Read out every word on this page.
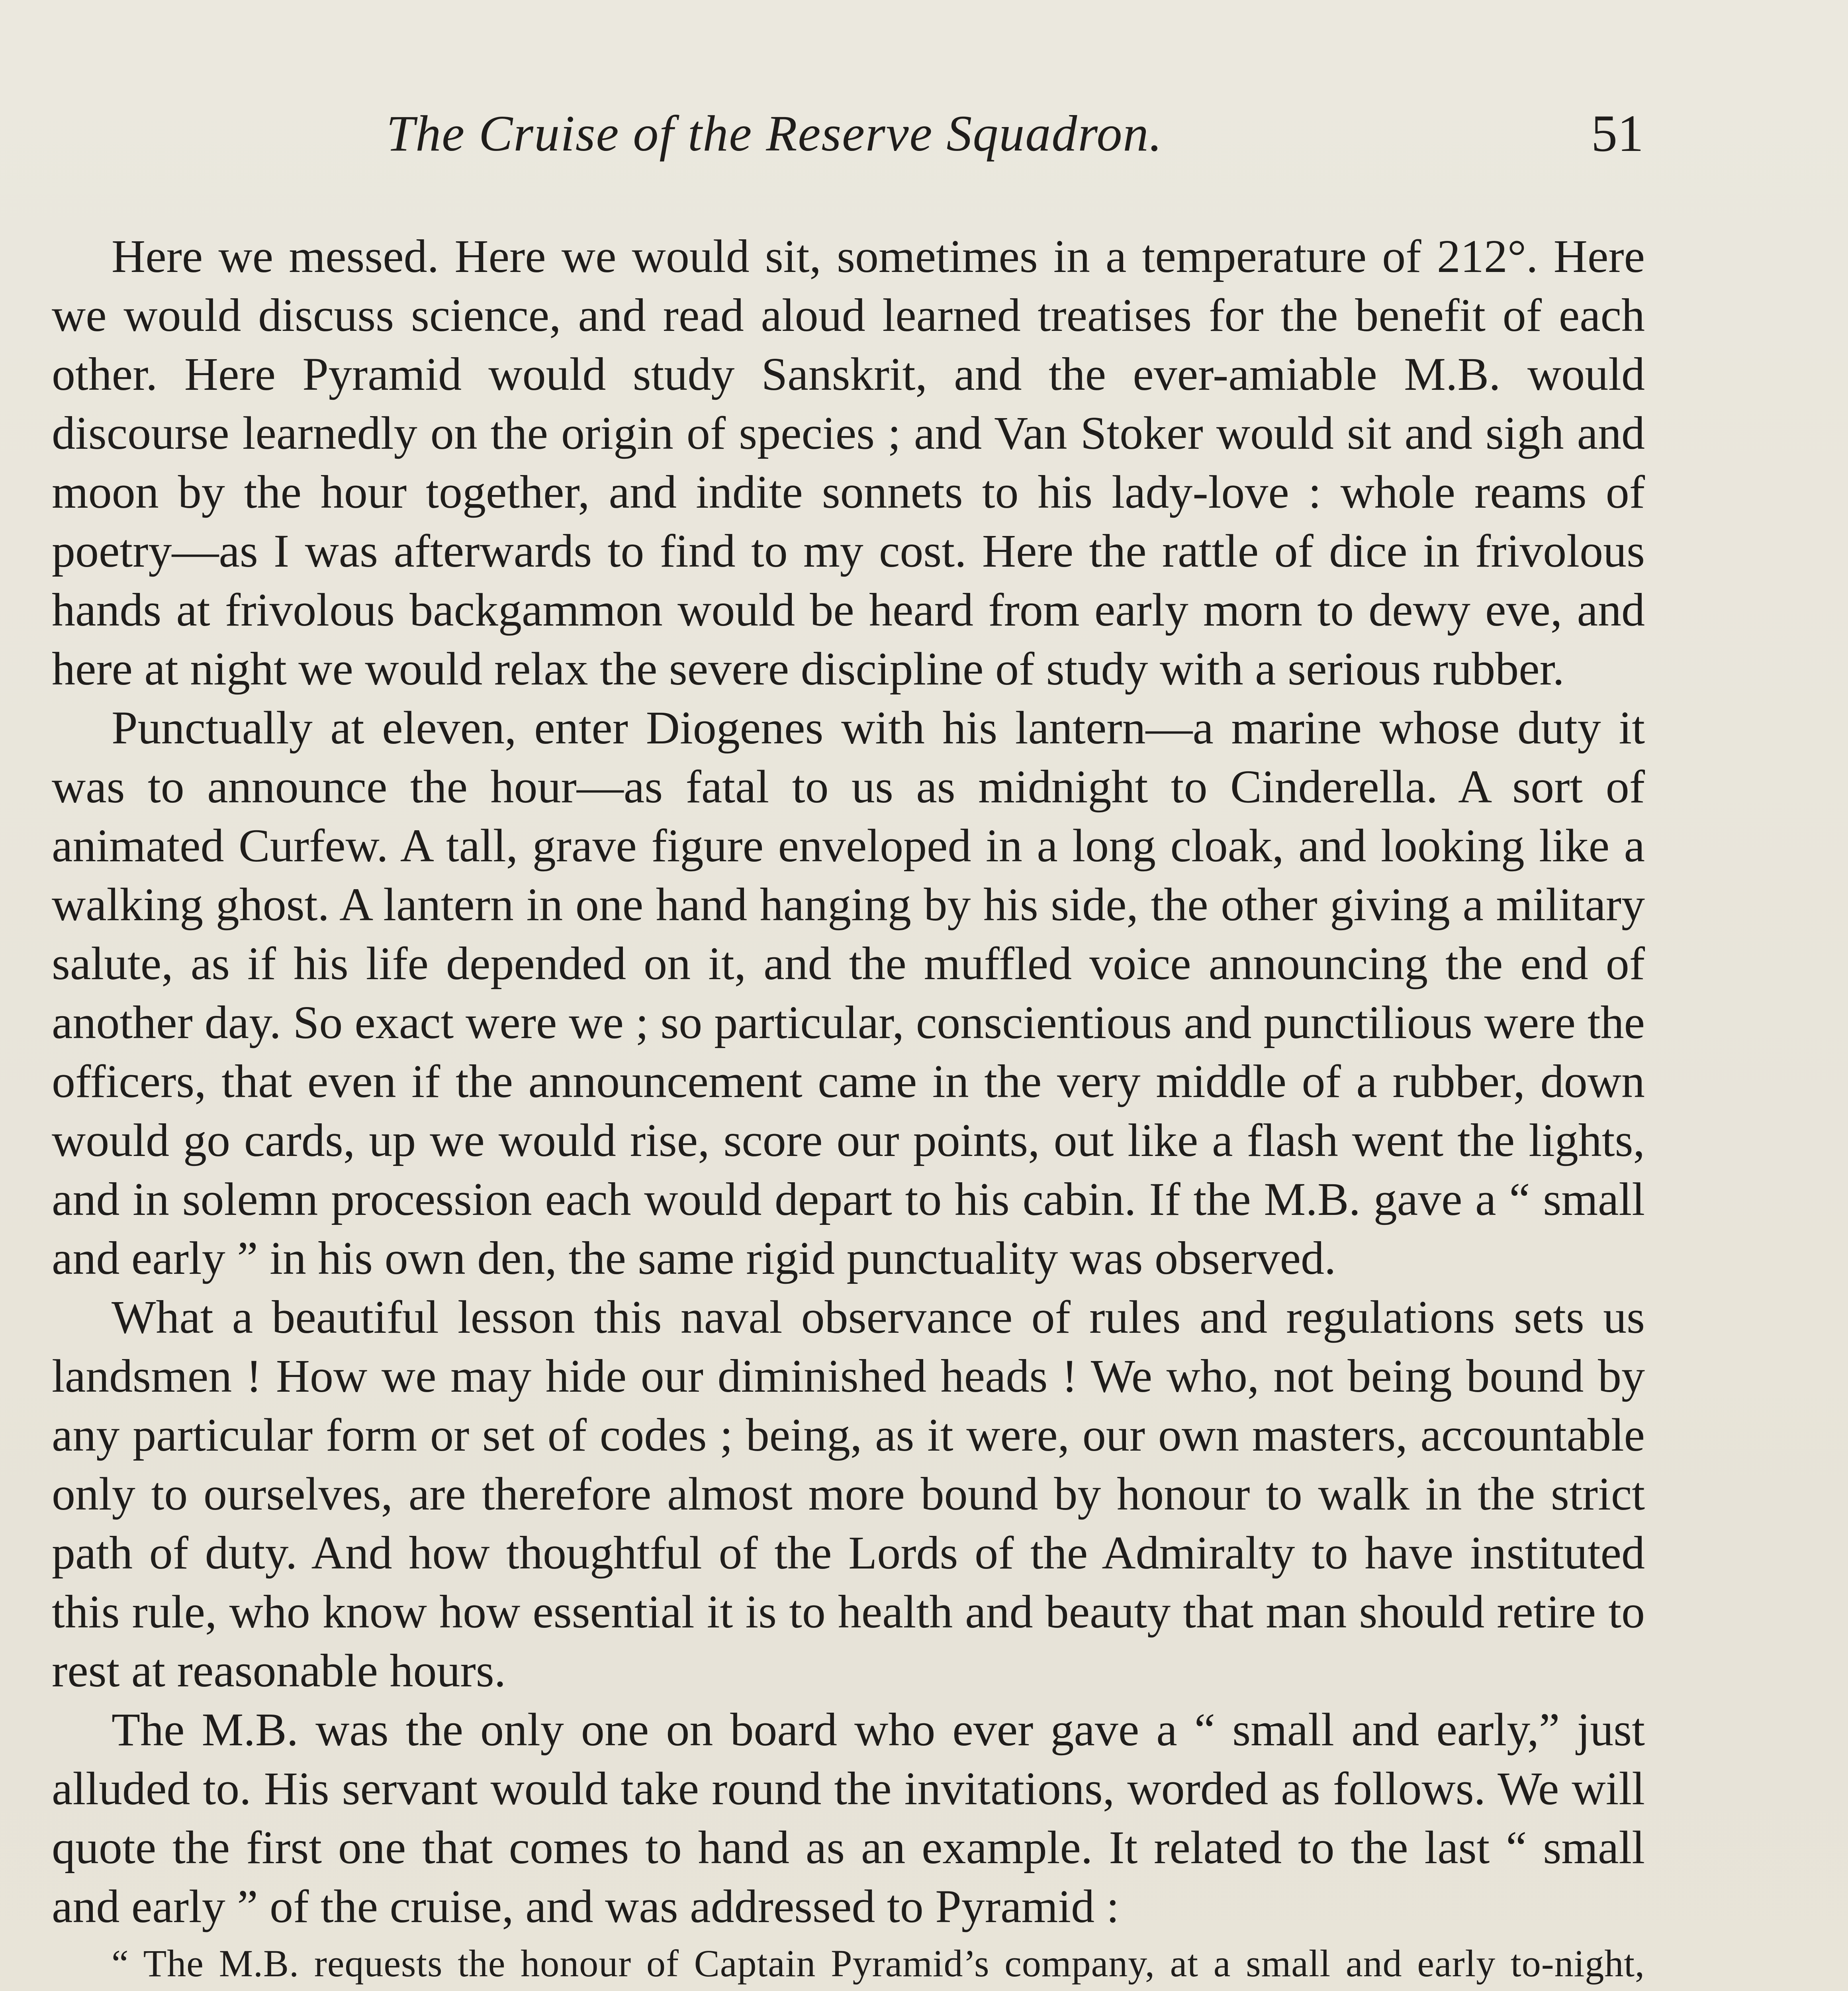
The Cruise of the Reserve Squadron.	51

Here we messed. Here we would sit, sometimes in a temperature of 212°. Here we would discuss science, and read aloud learned treatises for the benefit of each other. Here Pyramid would study Sanskrit, and the ever-amiable M.B. would discourse learnedly on the origin of species ; and Van Stoker would sit and sigh and moon by the hour together, and indite sonnets to his lady-love : whole reams of poetry—as I was afterwards to find to my cost. Here the rattle of dice in frivolous hands at frivolous backgammon would be heard from early morn to dewy eve, and here at night we would relax the severe discipline of study with a serious rubber.

Punctually at eleven, enter Diogenes with his lantern—a marine whose duty it was to announce the hour—as fatal to us as midnight to Cinderella. A sort of animated Curfew. A tall, grave figure enveloped in a long cloak, and looking like a walking ghost. A lantern in one hand hanging by his side, the other giving a military salute, as if his life depended on it, and the muffled voice announcing the end of another day. So exact were we ; so particular, conscientious and punctilious were the officers, that even if the announcement came in the very middle of a rubber, down would go cards, up we would rise, score our points, out like a flash went the lights, and in solemn procession each would depart to his cabin. If the M.B. gave a “ small and early ” in his own den, the same rigid punctuality was observed.

What a beautiful lesson this naval observance of rules and regulations sets us landsmen ! How we may hide our diminished heads ! We who, not being bound by any particular form or set of codes ; being, as it were, our own masters, accountable only to ourselves, are therefore almost more bound by honour to walk in the strict path of duty. And how thoughtful of the Lords of the Admiralty to have instituted this rule, who know how essential it is to health and beauty that man should retire to rest at reasonable hours.

The M.B. was the only one on board who ever gave a “ small and early,” just alluded to. His servant would take round the invitations, worded as follows. We will quote the first one that comes to hand as an example. It related to the last “ small and early ” of the cruise, and was addressed to Pyramid :

“ The M.B. requests the honour of Captain Pyramid’s company, at a small and early to-night,
